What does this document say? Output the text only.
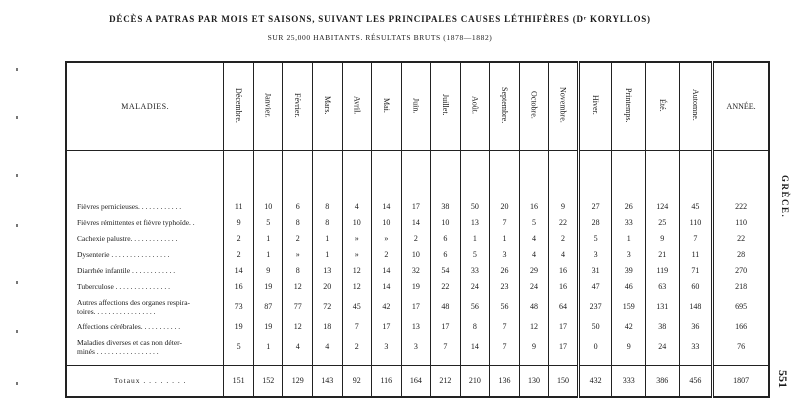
DÉCÈS A PATRAS PAR MOIS ET SAISONS, SUIVANT LES PRINCIPALES CAUSES LÉTHIFÈRES (Dʳ KORYLLOS)
SUR 25,000 HABITANTS. RÉSULTATS BRUTS (1878—1882)
GRÈCE.
551
MALADIES.	Décembre.	Janvier.	Février.	Mars.	Avril.	Mai.	Juin.	Juillet.	Août.	Septembre.	Octobre.	Novembre.	Hiver.	Printemps.	Été.	Automne.	ANNÉE.

Fièvres pernicieuses. . . . . . . . . . . .	11	10	6	8	4	14	17	38	50	20	16	9	27	26	124	45	222
Fièvres rémittentes et fièvre typhoïde. .	9	5	8	8	10	10	14	10	13	7	5	22	28	33	25	110	110
Cachexie palustre. . . . . . . . . . . . .	2	1	2	1	»	»	2	6	1	1	4	2	5	1	9	7	22
Dysenterie . . . . . . . . . . . . . . . .	2	1	»	1	»	2	10	6	5	3	4	4	3	3	21	11	28
Diarrhée infantile . . . . . . . . . . . .	14	9	8	13	12	14	32	54	33	26	29	16	31	39	119	71	270
Tuberculose . . . . . . . . . . . . . . .	16	19	12	20	12	14	19	22	24	23	24	16	47	46	63	60	218

Autres affections des organes respira-
toires. . . . . . . . . . . . . . . . .	73	87	77	72	45	42	17	48	56	56	48	64	237	159	131	148	695
Affections cérébrales. . . . . . . . . . .	19	19	12	18	7	17	13	17	8	7	12	17	50	42	38	36	166

Maladies diverses et cas non déter-
minés . . . . . . . . . . . . . . . . .	5	1	4	4	2	3	3	7	14	7	9	17	0	9	24	33	76

Totaux . . . . . . . .	151	152	129	143	92	116	164	212	210	136	130	150	432	333	386	456	1807
